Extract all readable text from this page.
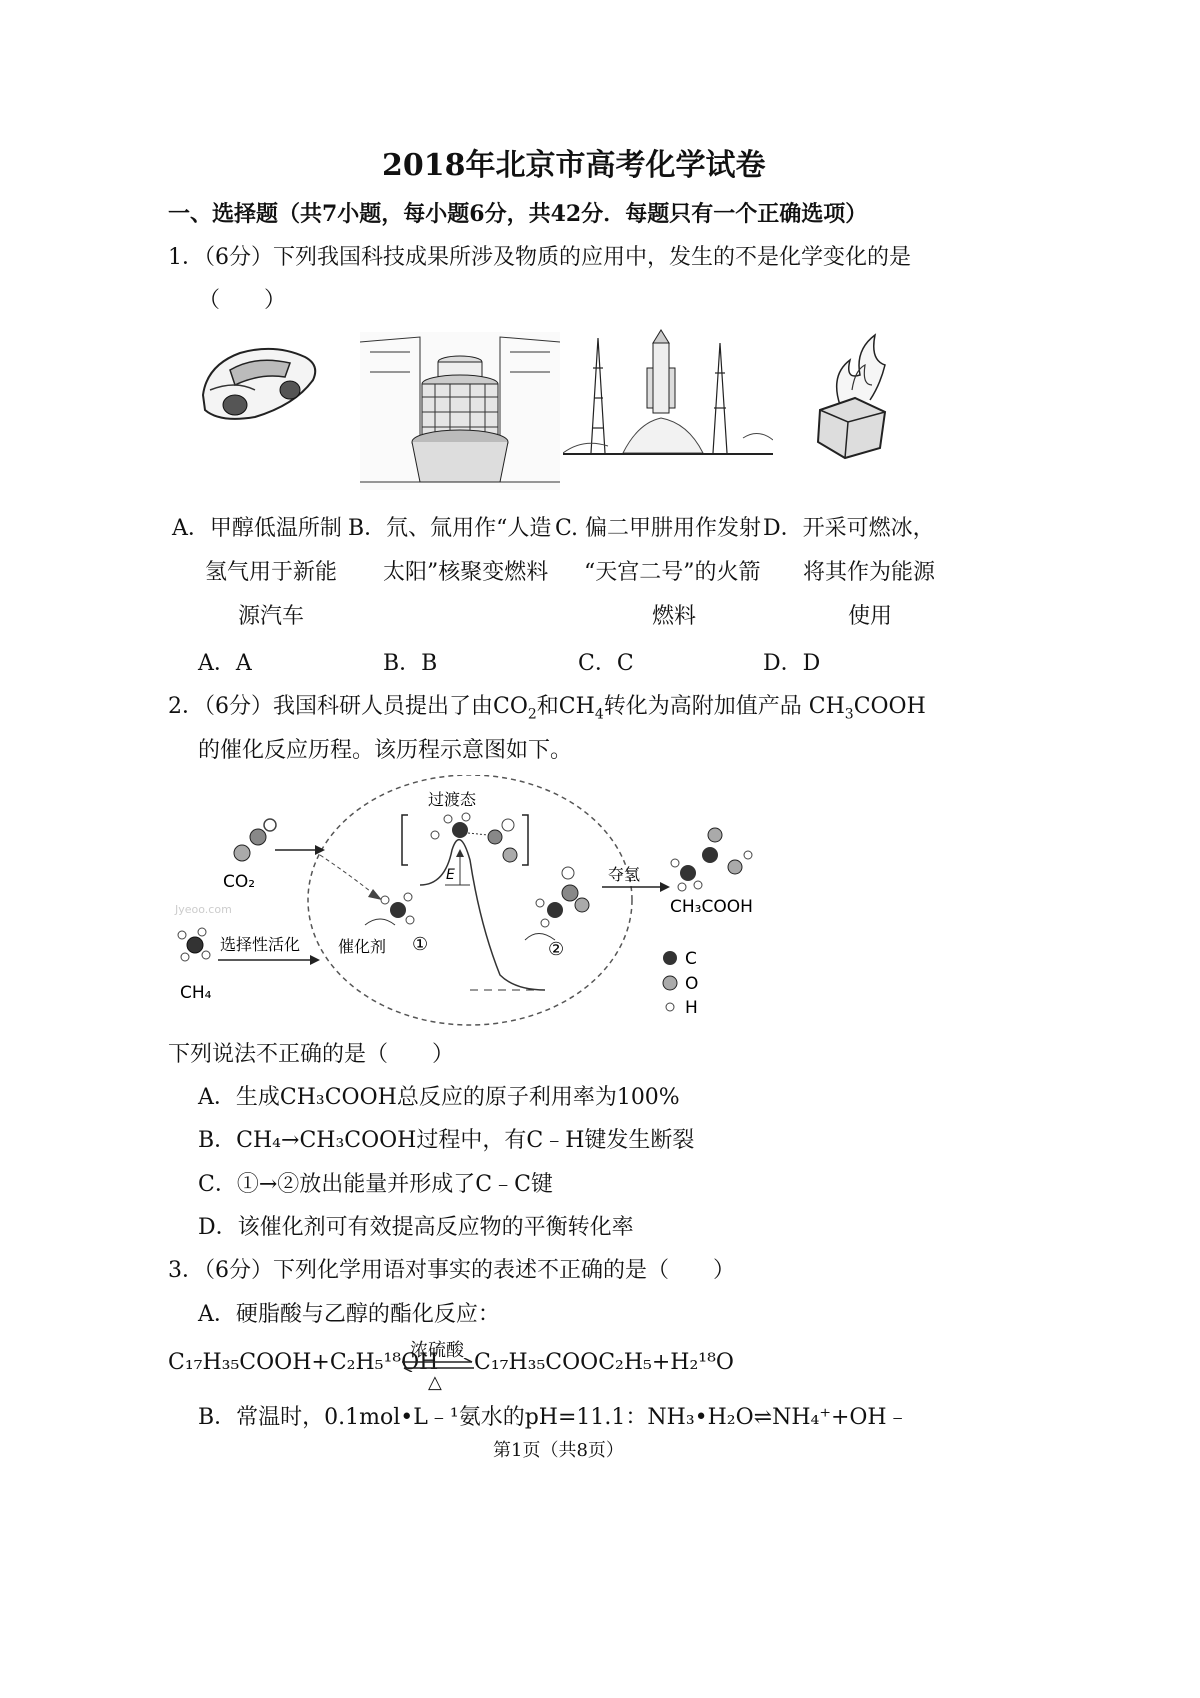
2018年北京市高考化学试卷
一、选择题（共7小题，每小题6分，共42分．每题只有一个正确选项）
1．（6分）下列我国科技成果所涉及物质的应用中，发生的不是化学变化的是
（　　）
A．甲醇低温所制
氢气用于新能
源汽车
B．氘、氚用作“人造
太阳”核聚变燃料
C. 偏二甲肼用作发射
“天宫二号”的火箭
燃料
D．开采可燃冰，
将其作为能源
使用
A．A	B．B	C．C	D．D
2．（6分）我国科研人员提出了由$CO_2$和$CH_4$转化为高附加值产品 $CH_3COOH$
的催化反应历程。该历程示意图如下。
CO₂
CH₄
选择性活化
E
过渡态
催化剂 ①	②
夺氢
CH₃COOH
C
O
H
Jyeoo.com
下列说法不正确的是（　　）
A．生成CH₃COOH总反应的原子利用率为100%
B．CH₄→CH₃COOH过程中，有C﹣H键发生断裂
C．①→②放出能量并形成了C﹣C键
D．该催化剂可有效提高反应物的平衡转化率
3．（6分）下列化学用语对事实的表述不正确的是（　　）
A．硬脂酸与乙醇的酯化反应：
C₁₇H₃₅COOH+C₂H₅¹⁸OH
浓硫酸
△
C₁₇H₃₅COOC₂H₅+H₂¹⁸O
B．常温时，0.1mol•L﹣¹氨水的pH=11.1：NH₃•H₂O⇌NH₄⁺+OH﹣
第1页（共8页）
